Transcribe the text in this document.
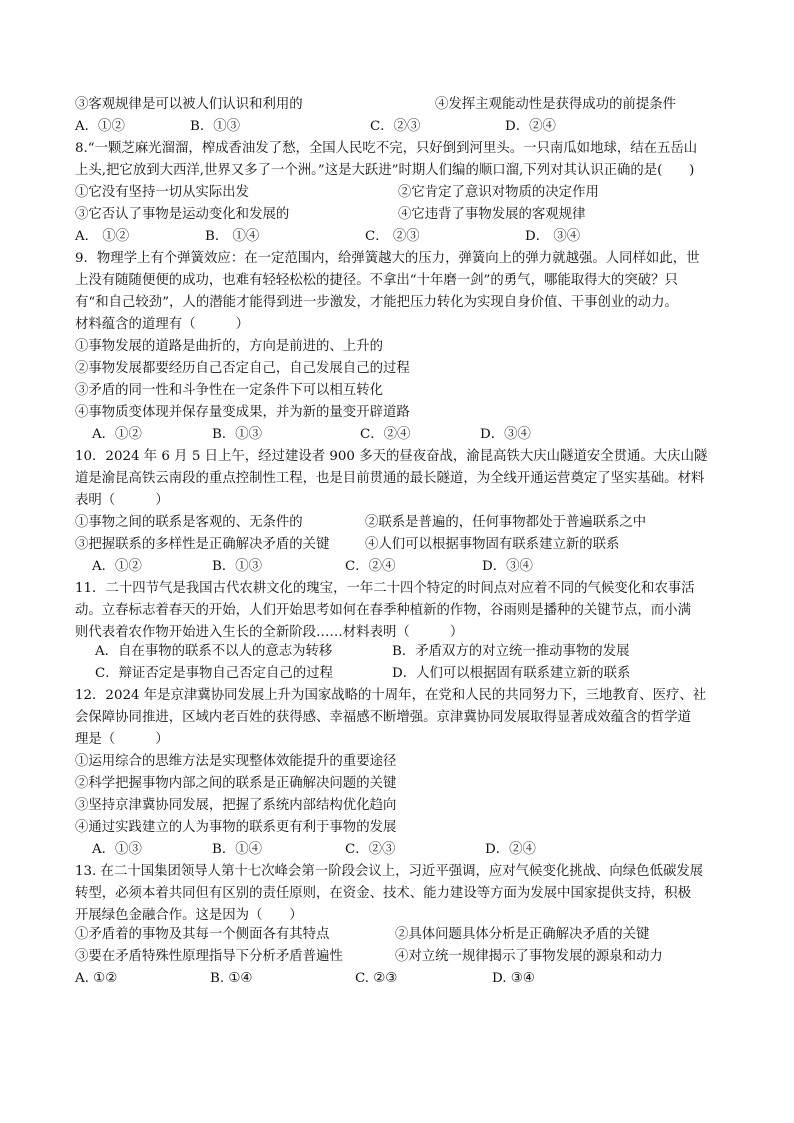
③客观规律是可以被人们认识和利用的	④发挥主观能动性是获得成功的前提条件
A．①②	B．①③	C．②③	D．②④
8.“一颗芝麻光溜溜，榨成香油发了愁，全国人民吃不完，只好倒到河里头。一只南瓜如地球，结在五岳山
上头,把它放到大西洋,世界又多了一个洲。”这是大跃进”时期人们编的顺口溜,下列对其认识正确的是(　　)
①它没有坚持一切从实际出发	②它肯定了意识对物质的决定作用
③它否认了事物是运动变化和发展的	④它违背了事物发展的客观规律
A． ①②	B． ①④	C． ②③	D． ③④
9．物理学上有个弹簧效应：在一定范围内，给弹簧越大的压力，弹簧向上的弹力就越强。人同样如此，世
上没有随随便便的成功，也难有轻轻松松的捷径。不拿出“十年磨一剑”的勇气，哪能取得大的突破？只
有“和自己较劲”，人的潜能才能得到进一步激发，才能把压力转化为实现自身价值、干事创业的动力。
材料蕴含的道理有（　　　）
①事物发展的道路是曲折的，方向是前进的、上升的
②事物发展都要经历自己否定自己，自己发展自己的过程
③矛盾的同一性和斗争性在一定条件下可以相互转化
④事物质变体现并保存量变成果，并为新的量变开辟道路
A．①②	B．①③	C．②④	D．③④
10．2024 年 6 月 5 日上午，经过建设者 900 多天的昼夜奋战，渝昆高铁大庆山隧道安全贯通。大庆山隧
道是渝昆高铁云南段的重点控制性工程，也是目前贯通的最长隧道，为全线开通运营奠定了坚实基础。材料
表明（　　　）
①事物之间的联系是客观的、无条件的	②联系是普遍的，任何事物都处于普遍联系之中
③把握联系的多样性是正确解决矛盾的关键	④人们可以根据事物固有联系建立新的联系
A．①②	B．①③	C．②④	D．③④
11．二十四节气是我国古代农耕文化的瑰宝，一年二十四个特定的时间点对应着不同的气候变化和农事活
动。立春标志着春天的开始，人们开始思考如何在春季种植新的作物，谷雨则是播种的关键节点，而小满
则代表着农作物开始进入生长的全新阶段……材料表明（　　　）
A．自在事物的联系不以人的意志为转移	B．矛盾双方的对立统一推动事物的发展
C．辩证否定是事物自己否定自己的过程	D．人们可以根据固有联系建立新的联系
12．2024 年是京津冀协同发展上升为国家战略的十周年，在党和人民的共同努力下，三地教育、医疗、社
会保障协同推进，区域内老百姓的获得感、幸福感不断增强。京津冀协同发展取得显著成效蕴含的哲学道
理是（　　　）
①运用综合的思维方法是实现整体效能提升的重要途径
②科学把握事物内部之间的联系是正确解决问题的关键
③坚持京津冀协同发展，把握了系统内部结构优化趋向
④通过实践建立的人为事物的联系更有利于事物的发展
A．①③	B．①④	C．②③	D．②④
13. 在二十国集团领导人第十七次峰会第一阶段会议上，习近平强调，应对气候变化挑战、向绿色低碳发展
转型，必须本着共同但有区别的责任原则，在资金、技术、能力建设等方面为发展中国家提供支持，积极
开展绿色金融合作。这是因为（　　）
①矛盾着的事物及其每一个侧面各有其特点	②具体问题具体分析是正确解决矛盾的关键
③要在矛盾特殊性原理指导下分析矛盾普遍性	④对立统一规律揭示了事物发展的源泉和动力
A. ①②	B. ①④	C. ②③	D. ③④
